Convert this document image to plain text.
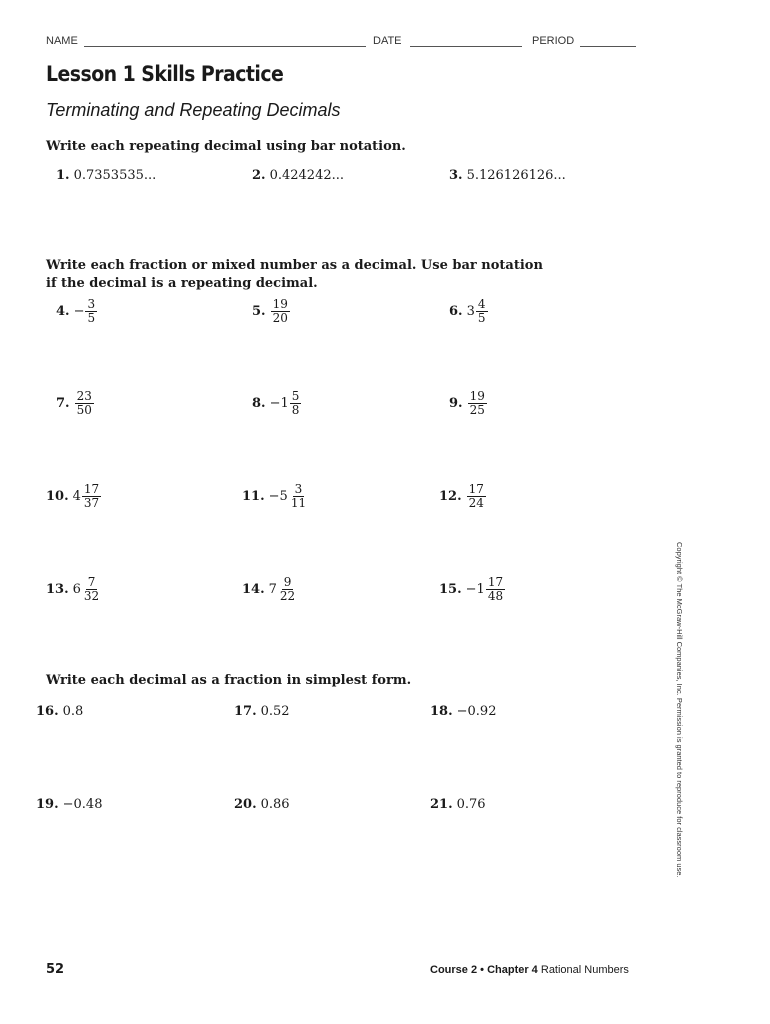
NAME	DATE	PERIOD
Lesson 1 Skills Practice
Terminating and Repeating Decimals
Write each repeating decimal using bar notation.
1. 0.7353535...	2. 0.424242...	3. 5.126126126...
Write each fraction or mixed number as a decimal. Use bar notation
if the decimal is a repeating decimal.
4. − $\frac{3}{5}$	5. $\frac{19}{20}$	6. $3 \frac{4}{5}$
7. $\frac{23}{50}$	8. − $1 \frac{5}{8}$	9. $\frac{19}{25}$
10. $4 \frac{17}{37}$	11. − $5 \frac{3}{11}$	12. $\frac{17}{24}$
13. $6 \frac{7}{32}$	14. $7 \frac{9}{22}$	15. − $1 \frac{17}{48}$
Write each decimal as a fraction in simplest form.
16. 0.8	17. 0.52	18. − 0.92
19. − 0.48	20. 0.86	21. 0.76	Copyright © The McGraw-Hill Companies, Inc. Permission is granted to reproduce for classroom use.
52	Course 2 • Chapter 4 Rational Numbers
